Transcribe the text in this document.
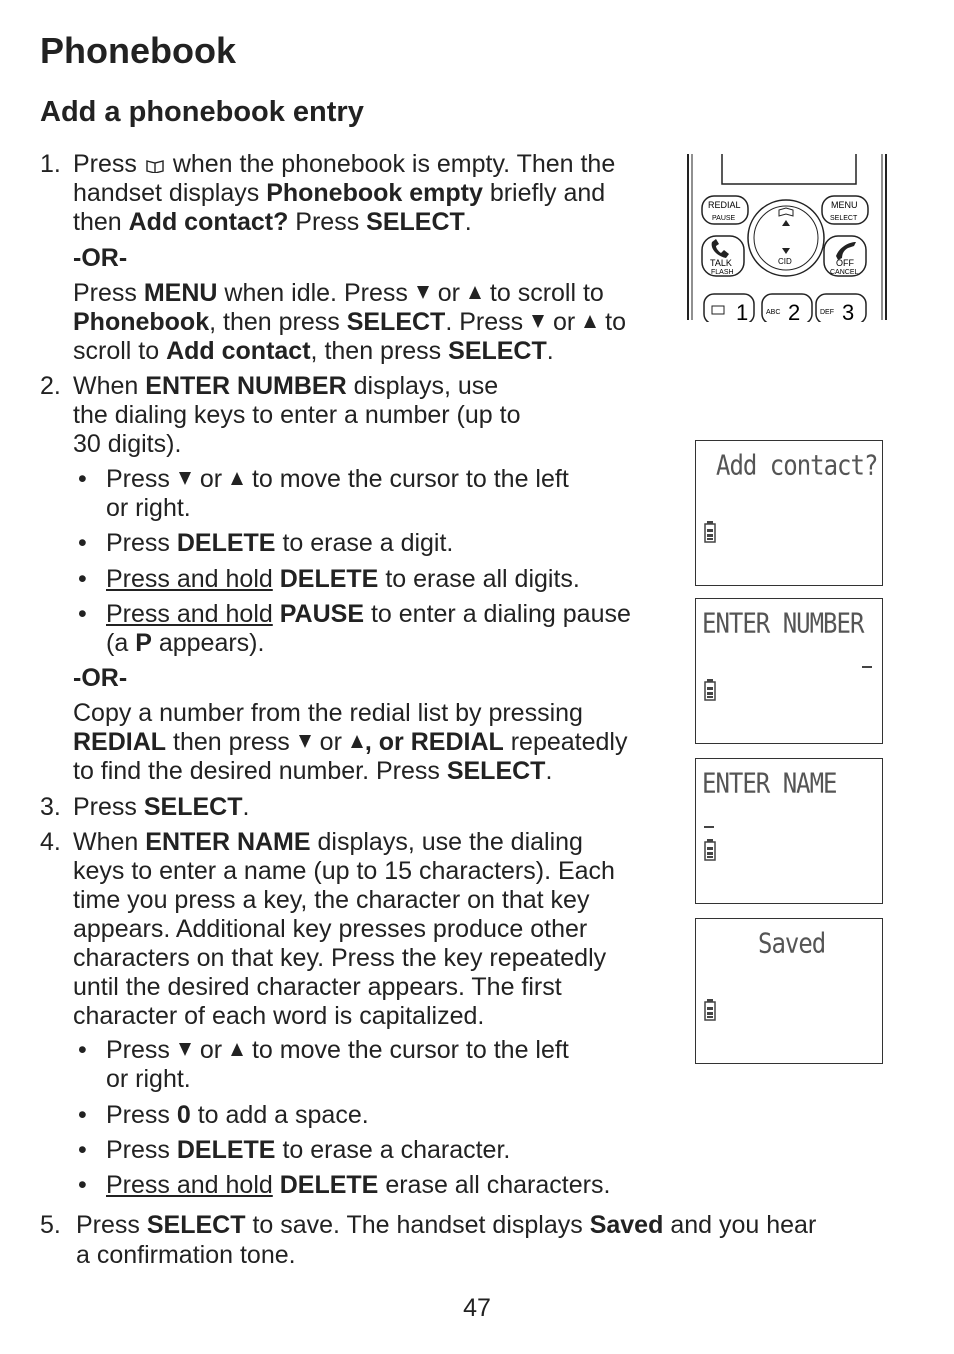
Phonebook
Add a phonebook entry
1. Press when the phonebook is empty. Then the
handset displays Phonebook empty briefly and
then Add contact? Press SELECT.
-OR-
Press MENU when idle. Press or to scroll to
Phonebook, then press SELECT. Press or to
scroll to Add contact, then press SELECT.
2. When ENTER NUMBER displays, use
the dialing keys to enter a number (up to
30 digits).
• Press or to move the cursor to the left
or right.
• Press DELETE to erase a digit.
• Press and hold DELETE to erase all digits.
• Press and hold PAUSE to enter a dialing pause
(a P appears).
-OR-
Copy a number from the redial list by pressing
REDIAL then press or , or REDIAL repeatedly
to find the desired number. Press SELECT.
3. Press SELECT.
4. When ENTER NAME displays, use the dialing
keys to enter a name (up to 15 characters). Each
time you press a key, the character on that key
appears. Additional key presses produce other
characters on that key. Press the key repeatedly
until the desired character appears. The first
character of each word is capitalized.
• Press or to move the cursor to the left
or right.
• Press 0 to add a space.
• Press DELETE to erase a character.
• Press and hold DELETE erase all characters.
5. Press SELECT to save. The handset displays Saved and you hear
a confirmation tone.
47
REDIAL
PAUSE
MENU
SELECT
TALK
FLASH
OFF
CANCEL
CID
1	ABC 2	DEF 3
Add contact?
ENTER NUMBER
ENTER NAME
Saved
